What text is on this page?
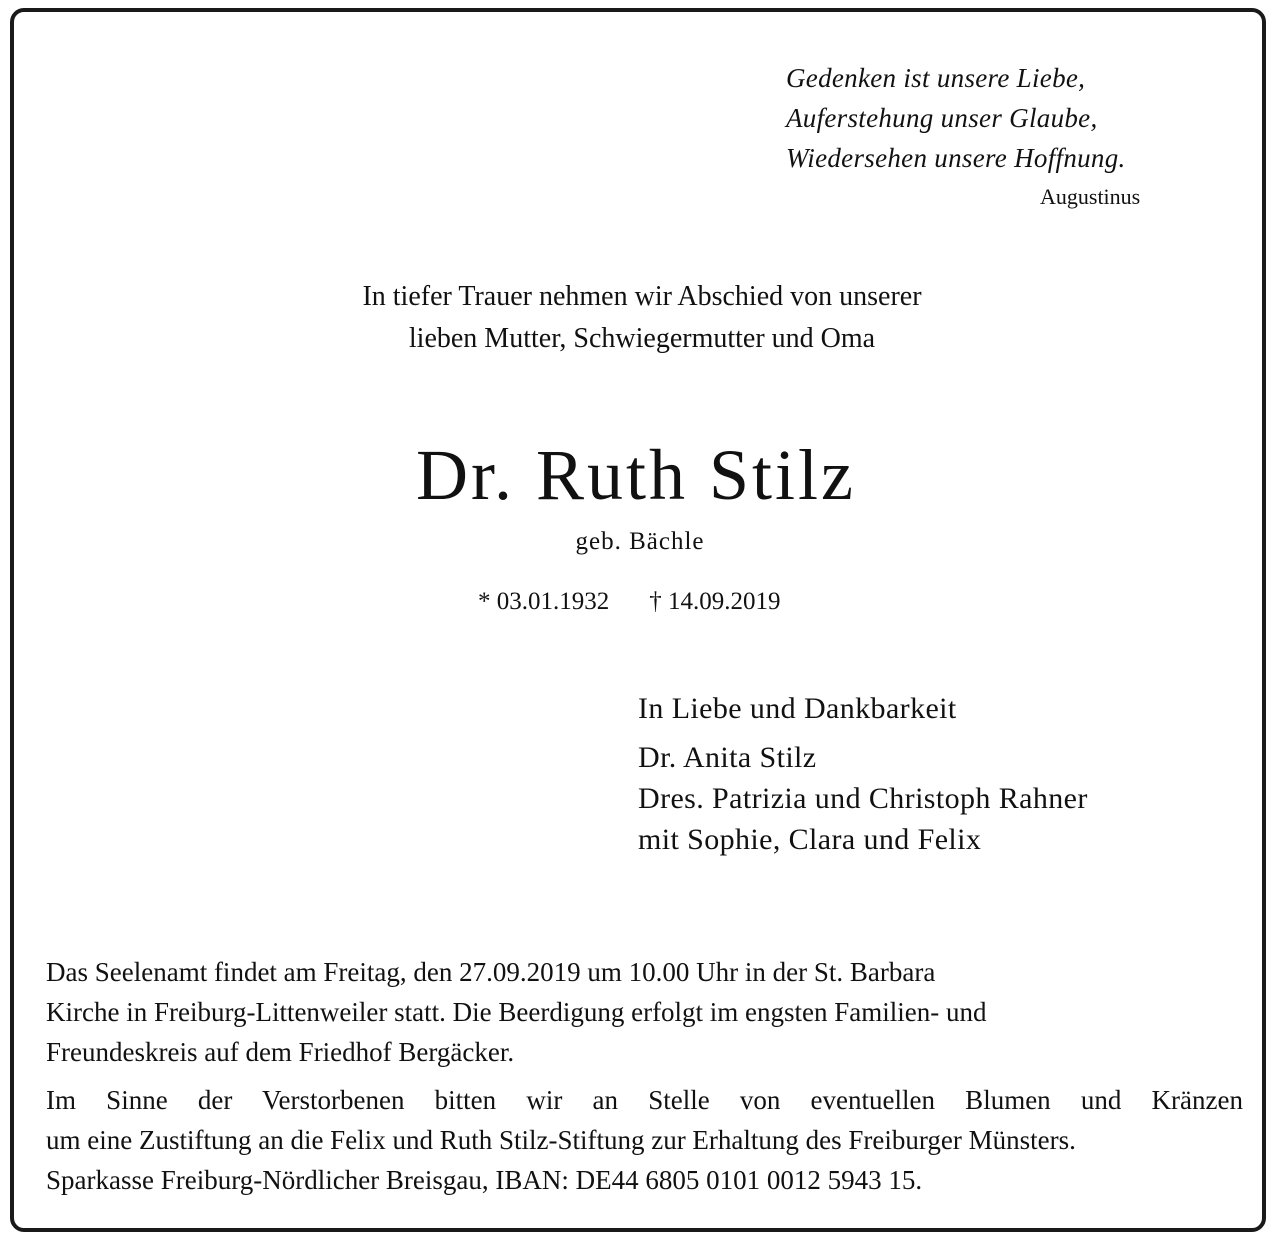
Gedenken ist unsere Liebe,
Auferstehung unser Glaube,
Wiedersehen unsere Hoffnung.
Augustinus
In tiefer Trauer nehmen wir Abschied von unserer
lieben Mutter, Schwiegermutter und Oma
Dr. Ruth Stilz
geb. Bächle
* 03.01.1932 † 14.09.2019
In Liebe und Dankbarkeit
Dr. Anita Stilz
Dres. Patrizia und Christoph Rahner
mit Sophie, Clara und Felix
Das Seelenamt findet am Freitag, den 27.09.2019 um 10.00 Uhr in der St. Barbara
Kirche in Freiburg-Littenweiler statt. Die Beerdigung erfolgt im engsten Familien- und
Freundeskreis auf dem Friedhof Bergäcker.
Im Sinne der Verstorbenen bitten wir an Stelle von eventuellen Blumen und Kränzen
um eine Zustiftung an die Felix und Ruth Stilz-Stiftung zur Erhaltung des Freiburger Münsters.
Sparkasse Freiburg-Nördlicher Breisgau, IBAN: DE44 6805 0101 0012 5943 15.
